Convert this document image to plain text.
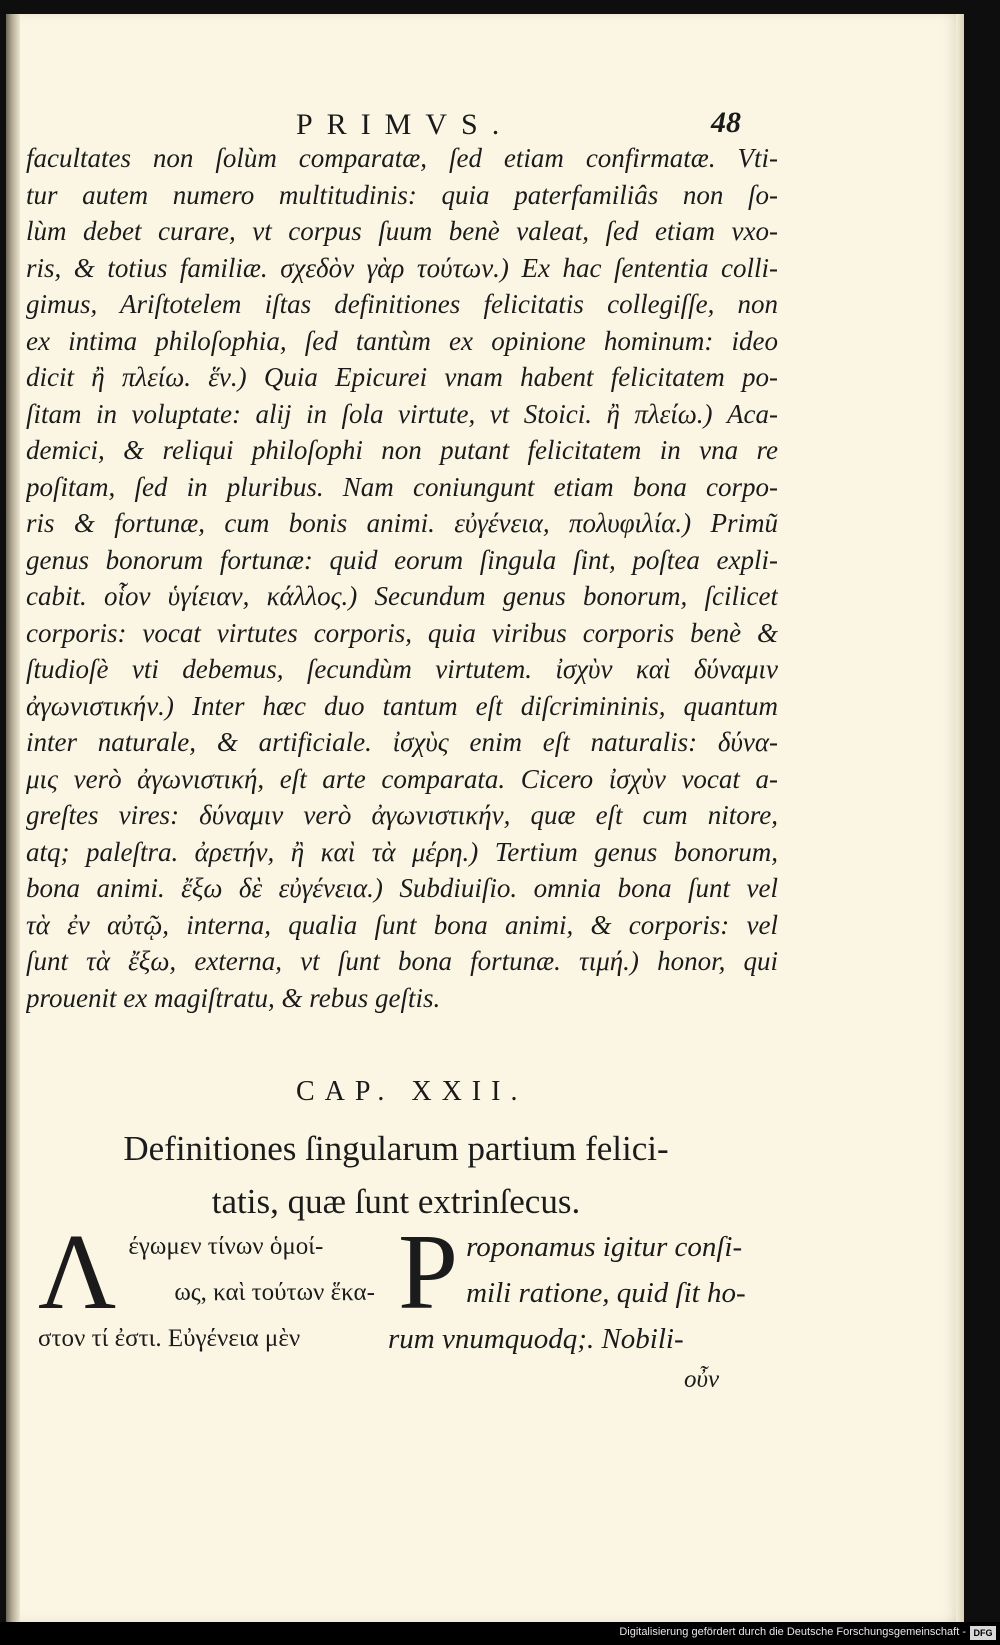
PRIMVS.	48
facultates non ſolùm comparatæ, ſed etiam confirmatæ. Vti-
tur autem numero multitudinis: quia paterfamiliâs non ſo-
lùm debet curare, vt corpus ſuum benè valeat, ſed etiam vxo-
ris, & totius familiæ. σχεδὸν γὰρ τούτων.) Ex hac ſententia colli-
gimus, Ariſtotelem iſtas definitiones felicitatis collegiſſe, non
ex intima philoſophia, ſed tantùm ex opinione hominum: ideo
dicit ἢ πλείω. ἕν.) Quia Epicurei vnam habent felicitatem po-
ſitam in voluptate: alij in ſola virtute, vt Stoici. ἢ πλείω.) Aca-
demici, & reliqui philoſophi non putant felicitatem in vna re
poſitam, ſed in pluribus. Nam coniungunt etiam bona corpo-
ris & fortunæ, cum bonis animi. εὐγένεια, πολυφιλία.) Primũ
genus bonorum fortunæ: quid eorum ſingula ſint, poſtea expli-
cabit. οἷον ὑγίειαν, κάλλος.) Secundum genus bonorum, ſcilicet
corporis: vocat virtutes corporis, quia viribus corporis benè &
ſtudioſè vti debemus, ſecundùm virtutem. ἰσχὺν καὶ δύναμιν
ἀγωνιστικήν.) Inter hæc duo tantum eſt diſcrimininis, quantum
inter naturale, & artificiale. ἰσχὺς enim eſt naturalis: δύνα-
μις verò ἀγωνιστική, eſt arte comparata. Cicero ἰσχὺν vocat a-
greſtes vires: δύναμιν verò ἀγωνιστικήν, quæ eſt cum nitore,
atq; paleſtra. ἀρετήν, ἢ καὶ τὰ μέρη.) Tertium genus bonorum,
bona animi. ἔξω δὲ εὐγένεια.) Subdiuiſio. omnia bona ſunt vel
τὰ ἐν αὐτῷ, interna, qualia ſunt bona animi, & corporis: vel
ſunt τὰ ἔξω, externa, vt ſunt bona fortunæ. τιμή.) honor, qui
prouenit ex magiſtratu, & rebus geſtis.
CAP. XXII.
Definitiones ſingularum partium felici-
tatis, quæ ſunt extrinſecus.
Λ έγωμεν τίνων ὁμοί-
ως, καὶ τούτων ἕκα-
στον τί ἐστι. Εὐγένεια μὲν
P roponamus igitur conſi-
mili ratione, quid ſit ho-
rum vnumquodq;. Nobili-
οὖν
Digitalisierung gefördert durch die Deutsche Forschungsgemeinschaft - DFG
